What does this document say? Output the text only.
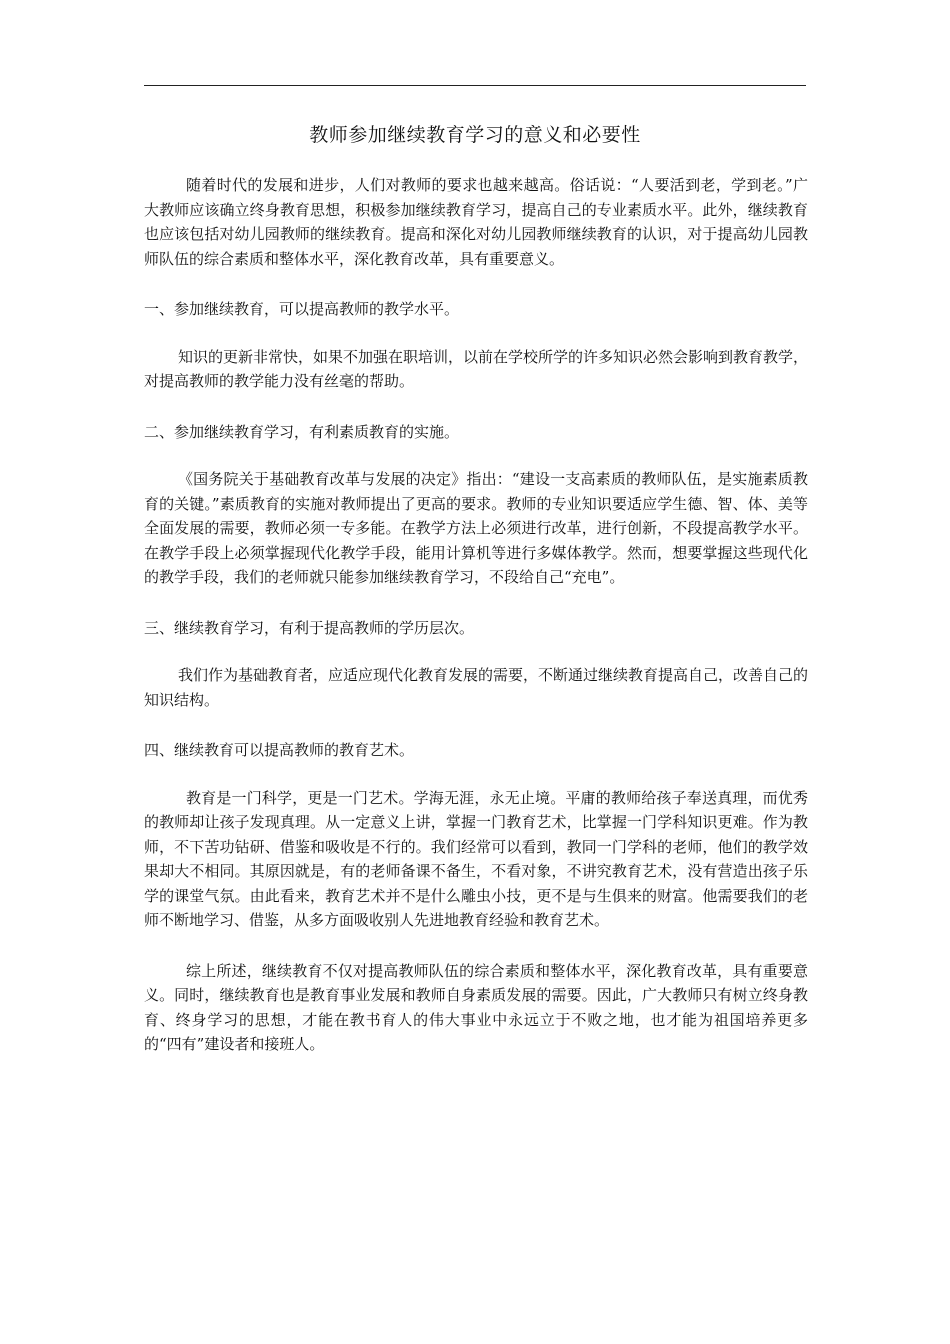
教师参加继续教育学习的意义和必要性

随着时代的发展和进步，人们对教师的要求也越来越高。俗话说：“人要活到老，学到老。”广大教师应该确立终身教育思想，积极参加继续教育学习，提高自己的专业素质水平。此外，继续教育也应该包括对幼儿园教师的继续教育。提高和深化对幼儿园教师继续教育的认识，对于提高幼儿园教师队伍的综合素质和整体水平，深化教育改革，具有重要意义。

一、参加继续教育，可以提高教师的教学水平。

知识的更新非常快，如果不加强在职培训，以前在学校所学的许多知识必然会影响到教育教学，对提高教师的教学能力没有丝毫的帮助。

二、参加继续教育学习，有利素质教育的实施。

《国务院关于基础教育改革与发展的决定》指出：“建设一支高素质的教师队伍，是实施素质教育的关键。”素质教育的实施对教师提出了更高的要求。教师的专业知识要适应学生德、智、体、美等全面发展的需要，教师必须一专多能。在教学方法上必须进行改革，进行创新，不段提高教学水平。在教学手段上必须掌握现代化教学手段，能用计算机等进行多媒体教学。然而，想要掌握这些现代化的教学手段，我们的老师就只能参加继续教育学习，不段给自己“充电”。

三、继续教育学习，有利于提高教师的学历层次。

我们作为基础教育者，应适应现代化教育发展的需要，不断通过继续教育提高自己，改善自己的知识结构。

四、继续教育可以提高教师的教育艺术。

教育是一门科学，更是一门艺术。学海无涯，永无止境。平庸的教师给孩子奉送真理，而优秀的教师却让孩子发现真理。从一定意义上讲，掌握一门教育艺术，比掌握一门学科知识更难。作为教师，不下苦功钻研、借鉴和吸收是不行的。我们经常可以看到，教同一门学科的老师，他们的教学效果却大不相同。其原因就是，有的老师备课不备生，不看对象，不讲究教育艺术，没有营造出孩子乐学的课堂气氛。由此看来，教育艺术并不是什么雕虫小技，更不是与生俱来的财富。他需要我们的老师不断地学习、借鉴，从多方面吸收别人先进地教育经验和教育艺术。

综上所述，继续教育不仅对提高教师队伍的综合素质和整体水平，深化教育改革，具有重要意义。同时，继续教育也是教育事业发展和教师自身素质发展的需要。因此，广大教师只有树立终身教育、终身学习的思想，才能在教书育人的伟大事业中永远立于不败之地，也才能为祖国培养更多的“四有”建设者和接班人。
